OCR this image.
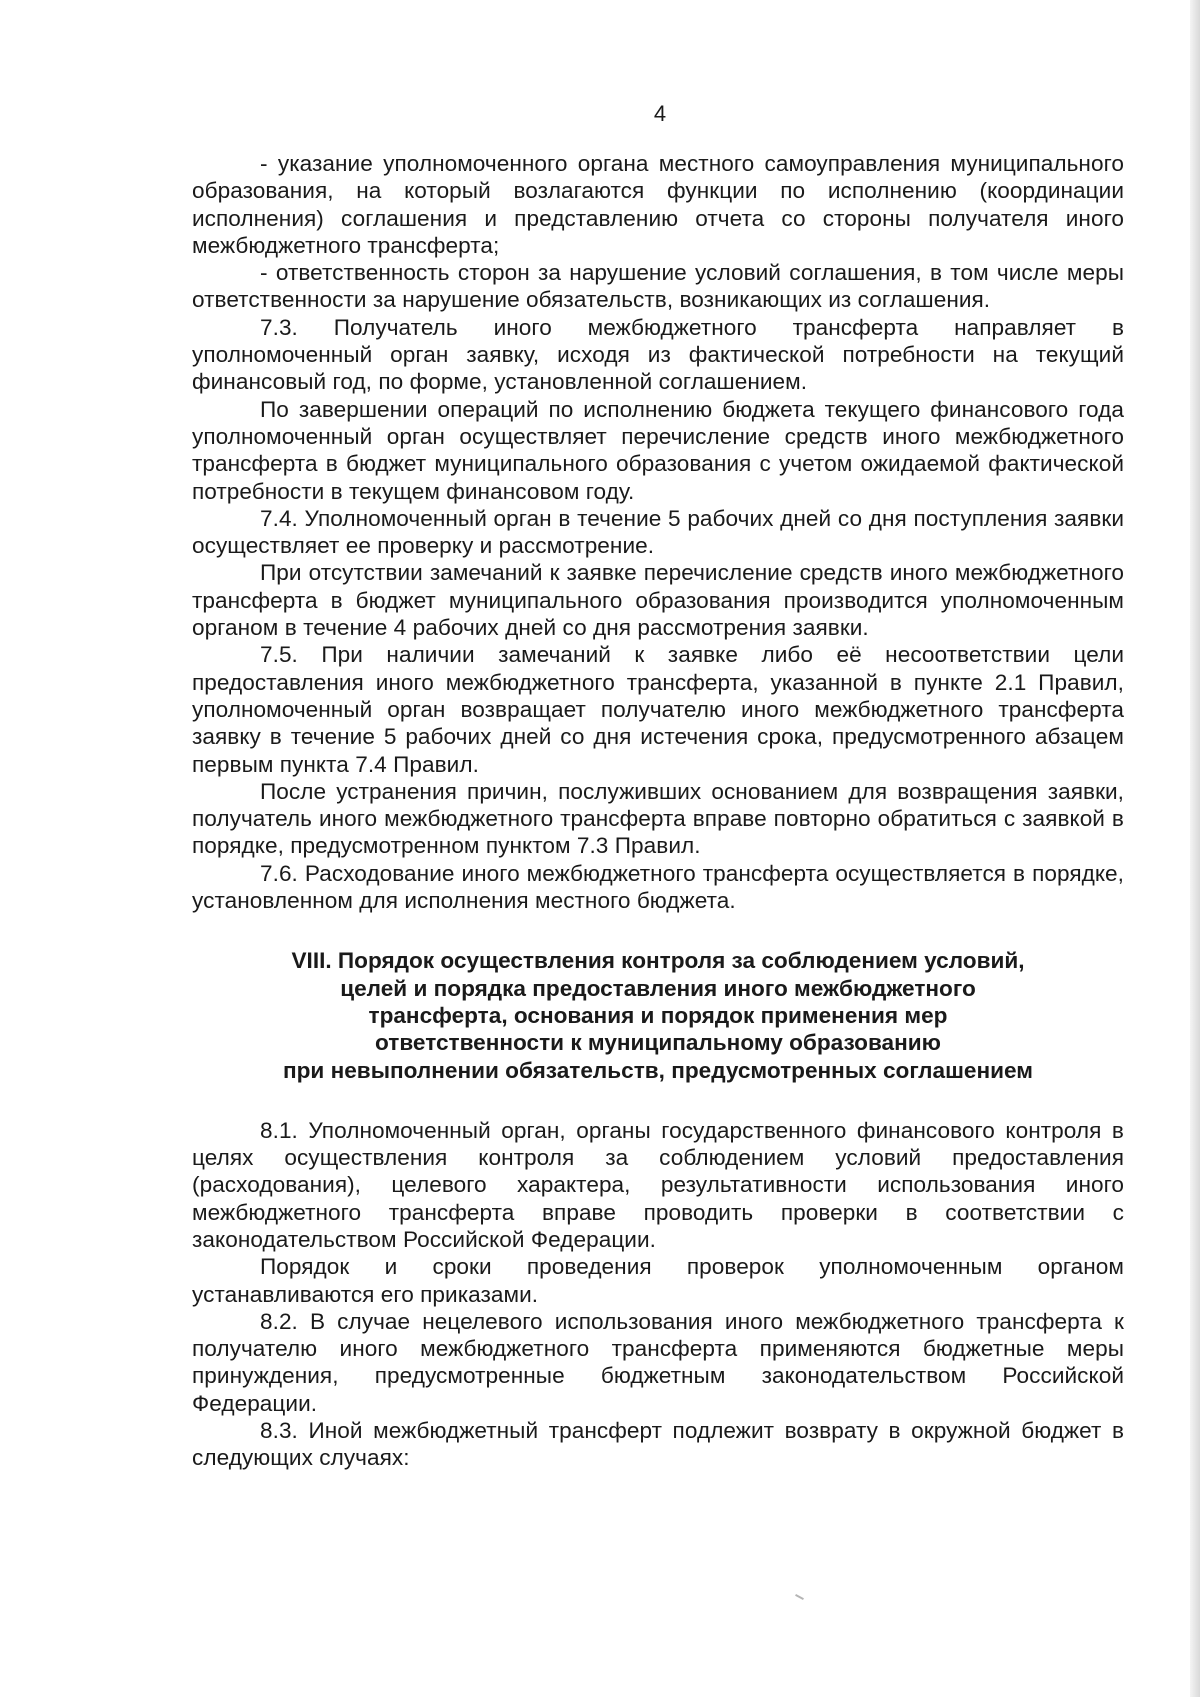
4

- указание уполномоченного органа местного самоуправления муниципального образования, на который возлагаются функции по исполнению (координации исполнения) соглашения и представлению отчета со стороны получателя иного межбюджетного трансферта;

- ответственность сторон за нарушение условий соглашения, в том числе меры ответственности за нарушение обязательств, возникающих из соглашения.

7.3. Получатель иного межбюджетного трансферта направляет в уполномоченный орган заявку, исходя из фактической потребности на текущий финансовый год, по форме, установленной соглашением.

По завершении операций по исполнению бюджета текущего финансового года уполномоченный орган осуществляет перечисление средств иного межбюджетного трансферта в бюджет муниципального образования с учетом ожидаемой фактической потребности в текущем финансовом году.

7.4. Уполномоченный орган в течение 5 рабочих дней со дня поступления заявки осуществляет ее проверку и рассмотрение.

При отсутствии замечаний к заявке перечисление средств иного межбюджетного трансферта в бюджет муниципального образования производится уполномоченным органом в течение 4 рабочих дней со дня рассмотрения заявки.

7.5. При наличии замечаний к заявке либо её несоответствии цели предоставления иного межбюджетного трансферта, указанной в пункте 2.1 Правил, уполномоченный орган возвращает получателю иного межбюджетного трансферта заявку в течение 5 рабочих дней со дня истечения срока, предусмотренного абзацем первым пункта 7.4 Правил.

После устранения причин, послуживших основанием для возвращения заявки, получатель иного межбюджетного трансферта вправе повторно обратиться с заявкой в порядке, предусмотренном пунктом 7.3 Правил.

7.6. Расходование иного межбюджетного трансферта осуществляется в порядке, установленном для исполнения местного бюджета.

VIII. Порядок осуществления контроля за соблюдением условий,
целей и порядка предоставления иного межбюджетного
трансферта, основания и порядок применения мер
ответственности к муниципальному образованию
при невыполнении обязательств, предусмотренных соглашением

8.1. Уполномоченный орган, органы государственного финансового контроля в целях осуществления контроля за соблюдением условий предоставления (расходования), целевого характера, результативности использования иного межбюджетного трансферта вправе проводить проверки в соответствии с законодательством Российской Федерации.

Порядок и сроки проведения проверок уполномоченным органом устанавливаются его приказами.

8.2. В случае нецелевого использования иного межбюджетного трансферта к получателю иного межбюджетного трансферта применяются бюджетные меры принуждения, предусмотренные бюджетным законодательством Российской Федерации.

8.3. Иной межбюджетный трансферт подлежит возврату в окружной бюджет в следующих случаях:
